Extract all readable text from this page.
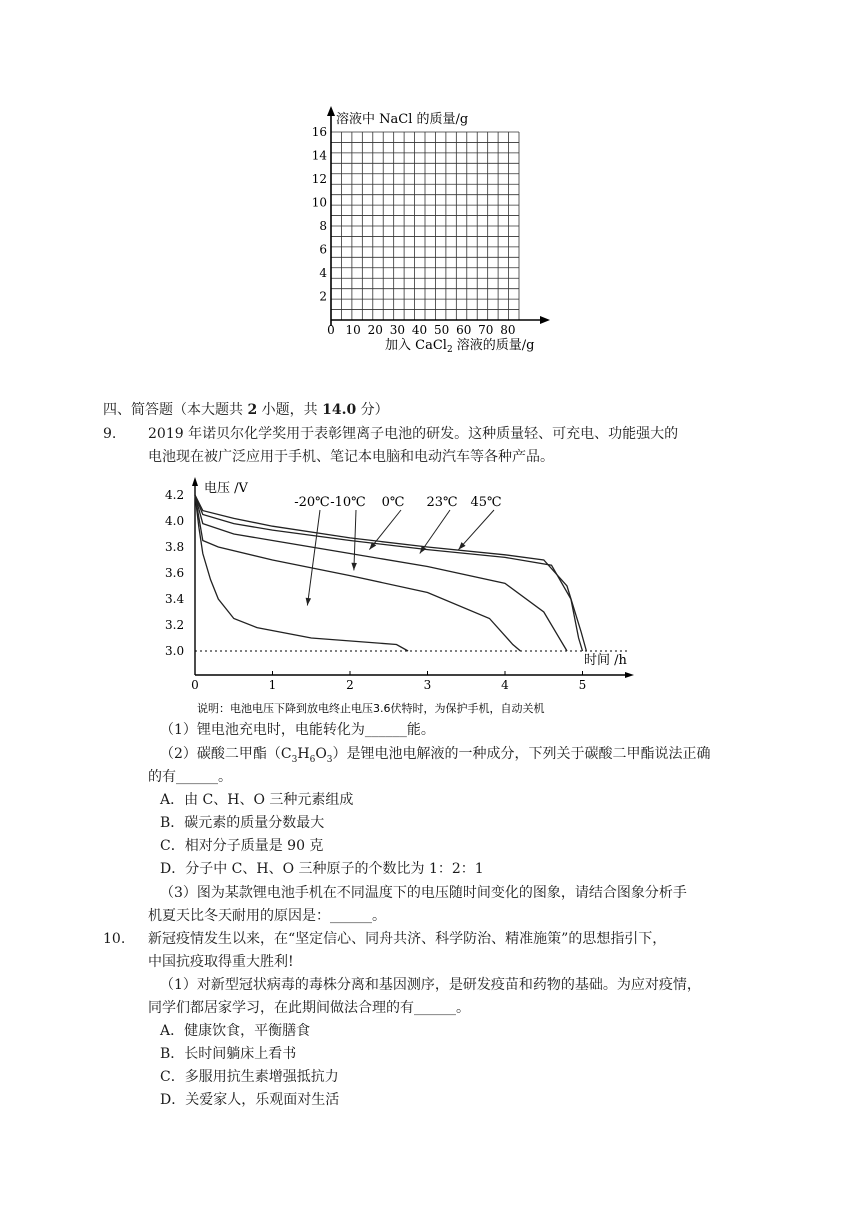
溶液中 NaCl 的质量/g
2
4
6
8
10
12
14
16
0 10 20 30 40 50 60 70 80
加入 CaCl$_2$ 溶液的质量/g
四、简答题（本大题共 2 小题，共 14.0 分）
9. 2019 年诺贝尔化学奖用于表彰锂离子电池的研发。这种质量轻、可充电、功能强大的
电池现在被广泛应用于手机、笔记本电脑和电动汽车等各种产品。
3.0
3.2
3.4
3.6
3.8
4.0
4.2
0	1	2	3	4	5
-20℃ -10℃ 0℃ 23℃ 45℃
电压 /V
时间 /h
说明：电池电压下降到放电终止电压3.6伏特时，为保护手机，自动关机
（1）锂电池充电时，电能转化为______能。
（2）碳酸二甲酯$(C_3H_6O_3)$是锂电池电解液的一种成分，下列关于碳酸二甲酯说法正确
的有______。
A．由 C、H、O 三种元素组成
B．碳元素的质量分数最大
C．相对分子质量是 90 克
D．分子中 C、H、O 三种原子的个数比为 1：2：1
（3）图为某款锂电池手机在不同温度下的电压随时间变化的图象，请结合图象分析手
机夏天比冬天耐用的原因是：______。
10. 新冠疫情发生以来，在“坚定信心、同舟共济、科学防治、精准施策”的思想指引下，
中国抗疫取得重大胜利!
（1）对新型冠状病毒的毒株分离和基因测序，是研发疫苗和药物的基础。为应对疫情，
同学们都居家学习，在此期间做法合理的有______。
A．健康饮食，平衡膳食
B．长时间躺床上看书
C．多服用抗生素增强抵抗力
D．关爱家人，乐观面对生活
